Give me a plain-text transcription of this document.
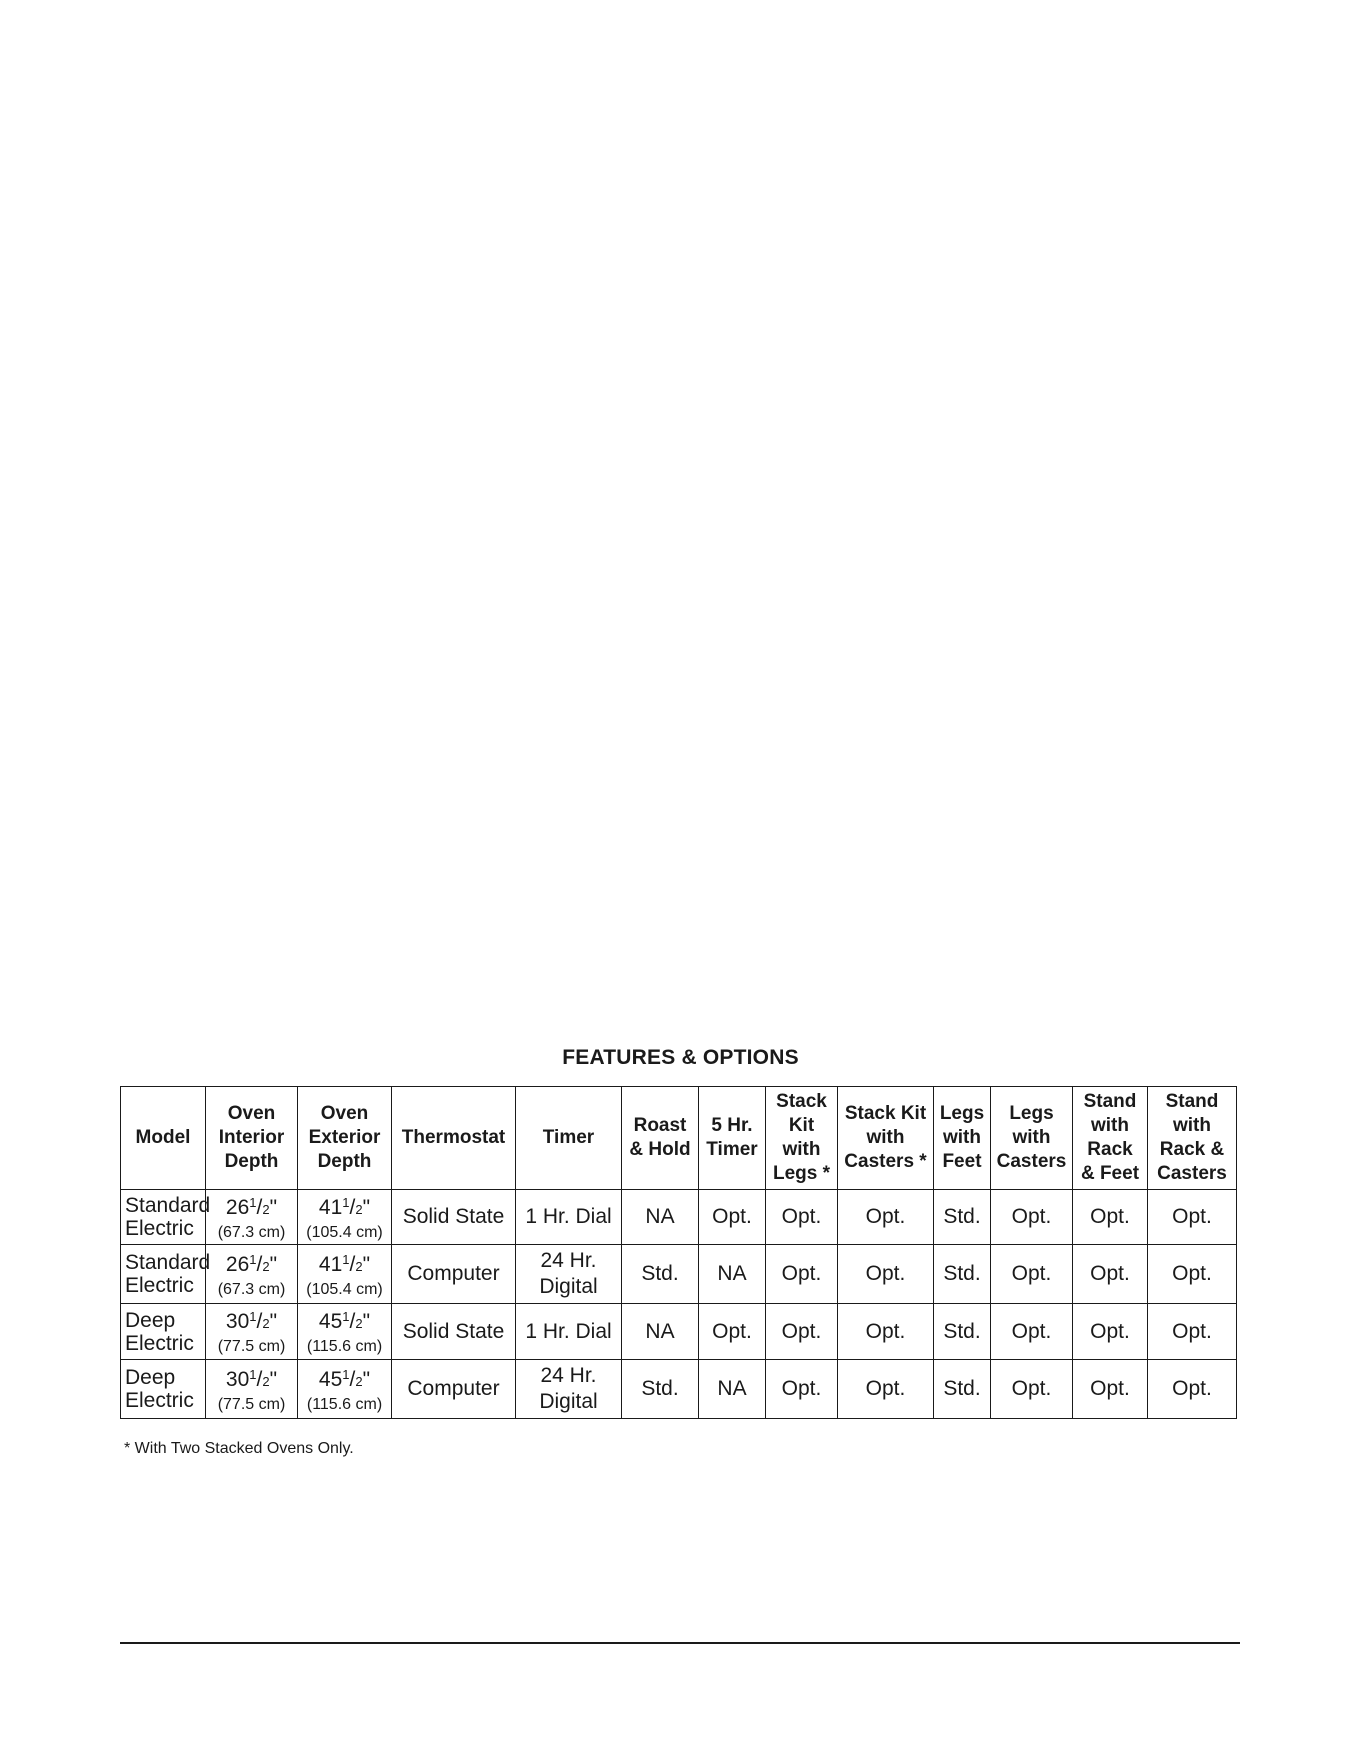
FEATURES & OPTIONS
Model	Oven
Interior
Depth	Oven
Exterior
Depth	Thermostat	Timer	Roast
& Hold	5 Hr.
Timer	Stack
Kit
with
Legs *	Stack Kit
with
Casters *	Legs
with
Feet	Legs
with
Casters	Stand
with
Rack
& Feet	Stand
with
Rack &
Casters

Standard
Electric	$26^1/2$"
(67.3 cm)	$41^1/2$"
(105.4 cm)	Solid State	1 Hr. Dial	NA	Opt.	Opt.	Opt.	Std.	Opt.	Opt.	Opt.

Standard
Electric	$26^1/2$"
(67.3 cm)	$41^1/2$"
(105.4 cm)	Computer	24 Hr.
Digital	Std.	NA	Opt.	Opt.	Std.	Opt.	Opt.	Opt.

Deep
Electric	$30^1/2$"
(77.5 cm)	$45^1/2$"
(115.6 cm)	Solid State	1 Hr. Dial	NA	Opt.	Opt.	Opt.	Std.	Opt.	Opt.	Opt.

Deep
Electric	$30^1/2$"
(77.5 cm)	$45^1/2$"
(115.6 cm)	Computer	24 Hr.
Digital	Std.	NA	Opt.	Opt.	Std.	Opt.	Opt.	Opt.
* With Two Stacked Ovens Only.
